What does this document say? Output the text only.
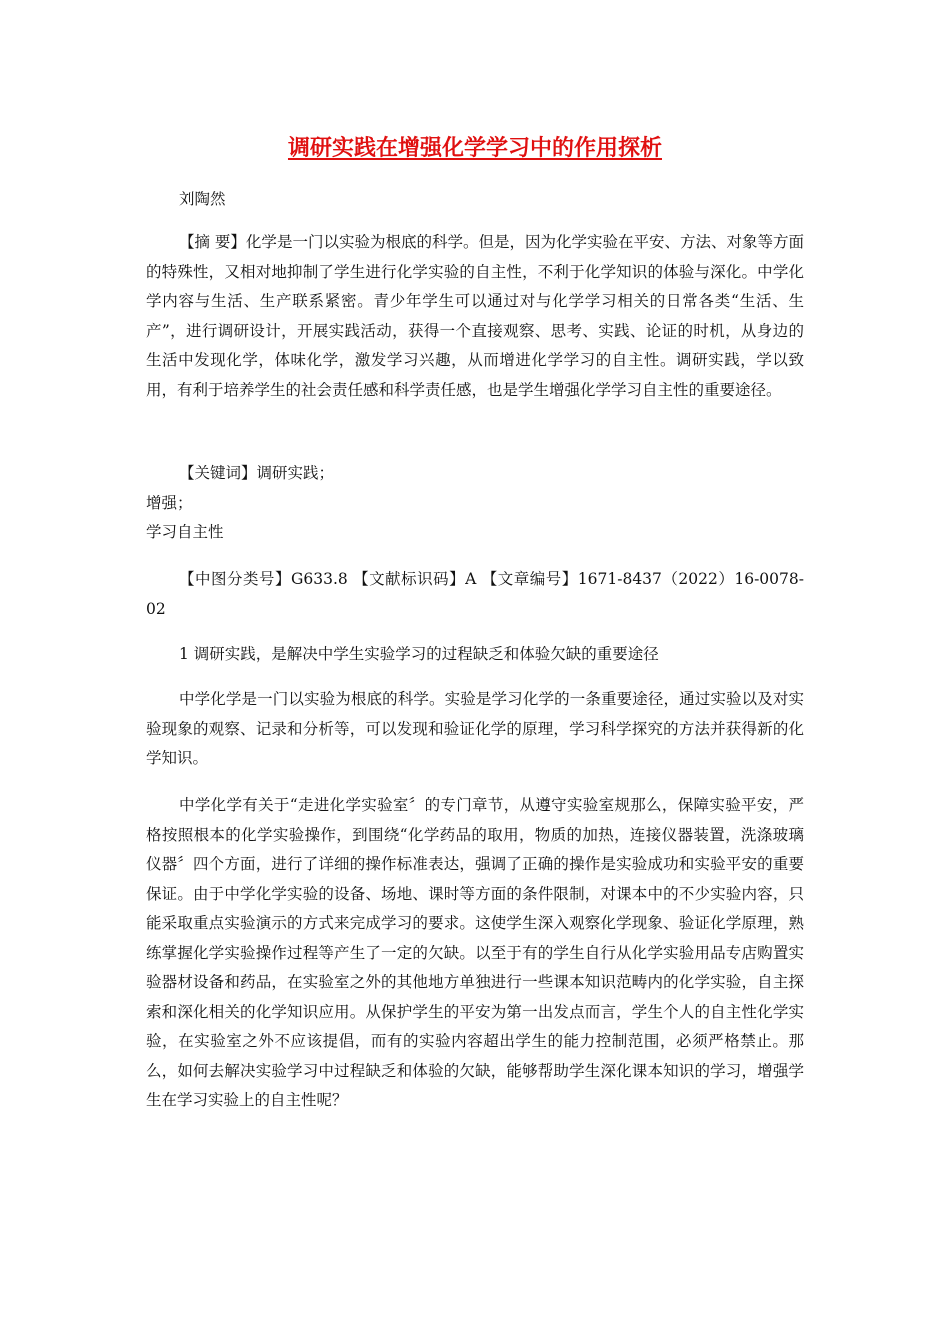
调研实践在增强化学学习中的作用探析

刘陶然

【摘 要】化学是一门以实验为根底的科学。但是，因为化学实验在平安、方法、对象等方面的特殊性，又相对地抑制了学生进行化学实验的自主性，不利于化学知识的体验与深化。中学化学内容与生活、生产联系紧密。青少年学生可以通过对与化学学习相关的日常各类“生活、生产”，进行调研设计，开展实践活动，获得一个直接观察、思考、实践、论证的时机，从身边的生活中发现化学，体味化学，激发学习兴趣，从而增进化学学习的自主性。调研实践，学以致用，有利于培养学生的社会责任感和科学责任感，也是学生增强化学学习自主性的重要途径。

【关键词】调研实践；

增强；

学习自主性

【中图分类号】G633.8 【文献标识码】A 【文章编号】1671-8437（2022）16-0078-02

1 调研实践，是解决中学生实验学习的过程缺乏和体验欠缺的重要途径

中学化学是一门以实验为根底的科学。实验是学习化学的一条重要途径，通过实验以及对实验现象的观察、记录和分析等，可以发现和验证化学的原理，学习科学探究的方法并获得新的化学知识。

中学化学有关于“走进化学实验室〞的专门章节，从遵守实验室规那么，保障实验平安，严格按照根本的化学实验操作，到围绕“化学药品的取用，物质的加热，连接仪器装置，洗涤玻璃仪器〞四个方面，进行了详细的操作标准表达，强调了正确的操作是实验成功和实验平安的重要保证。由于中学化学实验的设备、场地、课时等方面的条件限制，对课本中的不少实验内容，只能采取重点实验演示的方式来完成学习的要求。这使学生深入观察化学现象、验证化学原理，熟练掌握化学实验操作过程等产生了一定的欠缺。以至于有的学生自行从化学实验用品专店购置实验器材设备和药品，在实验室之外的其他地方单独进行一些课本知识范畴内的化学实验，自主探索和深化相关的化学知识应用。从保护学生的平安为第一出发点而言，学生个人的自主性化学实验，在实验室之外不应该提倡，而有的实验内容超出学生的能力控制范围，必须严格禁止。那么，如何去解决实验学习中过程缺乏和体验的欠缺，能够帮助学生深化课本知识的学习，增强学生在学习实验上的自主性呢？
